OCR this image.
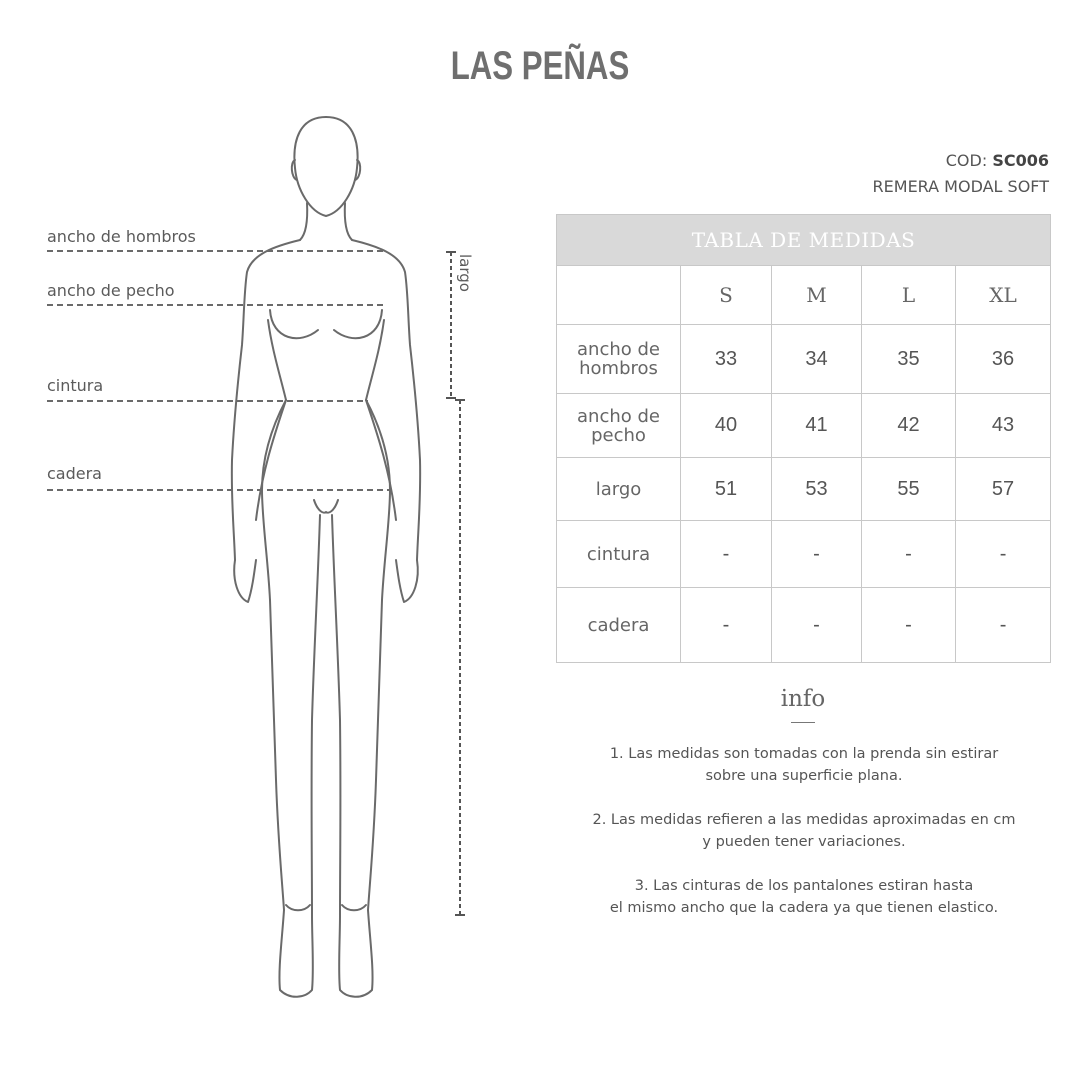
LAS PEÑAS
ancho de hombros
ancho de pecho
cintura
cadera
largo
COD: SC006
REMERA MODAL SOFT
TABLA DE MEDIDAS				
	S	M	L	XL
ancho de
hombros	33	34	35	36
ancho de
pecho	40	41	42	43
largo	51	53	55	57
cintura	-	-	-	-
cadera	-	-	-	-
info
1. Las medidas son tomadas con la prenda sin estirar
sobre una superficie plana.
2. Las medidas refieren a las medidas aproximadas en cm
y pueden tener variaciones.
3. Las cinturas de los pantalones estiran hasta
el mismo ancho que la cadera ya que tienen elastico.
